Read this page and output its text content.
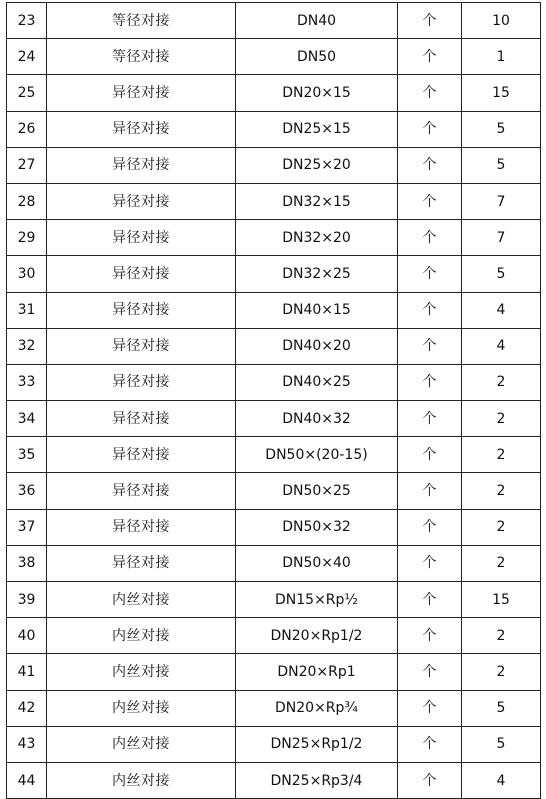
23	等径对接	DN40	个	10
24	等径对接	DN50	个	1
25	异径对接	DN20×15	个	15
26	异径对接	DN25×15	个	5
27	异径对接	DN25×20	个	5
28	异径对接	DN32×15	个	7
29	异径对接	DN32×20	个	7
30	异径对接	DN32×25	个	5
31	异径对接	DN40×15	个	4
32	异径对接	DN40×20	个	4
33	异径对接	DN40×25	个	2
34	异径对接	DN40×32	个	2
35	异径对接	DN50×(20-15)	个	2
36	异径对接	DN50×25	个	2
37	异径对接	DN50×32	个	2
38	异径对接	DN50×40	个	2
39	内丝对接	DN15×Rp½	个	15
40	内丝对接	DN20×Rp1/2	个	2
41	内丝对接	DN20×Rp1	个	2
42	内丝对接	DN20×Rp¾	个	5
43	内丝对接	DN25×Rp1/2	个	5
44	内丝对接	DN25×Rp3/4	个	4
